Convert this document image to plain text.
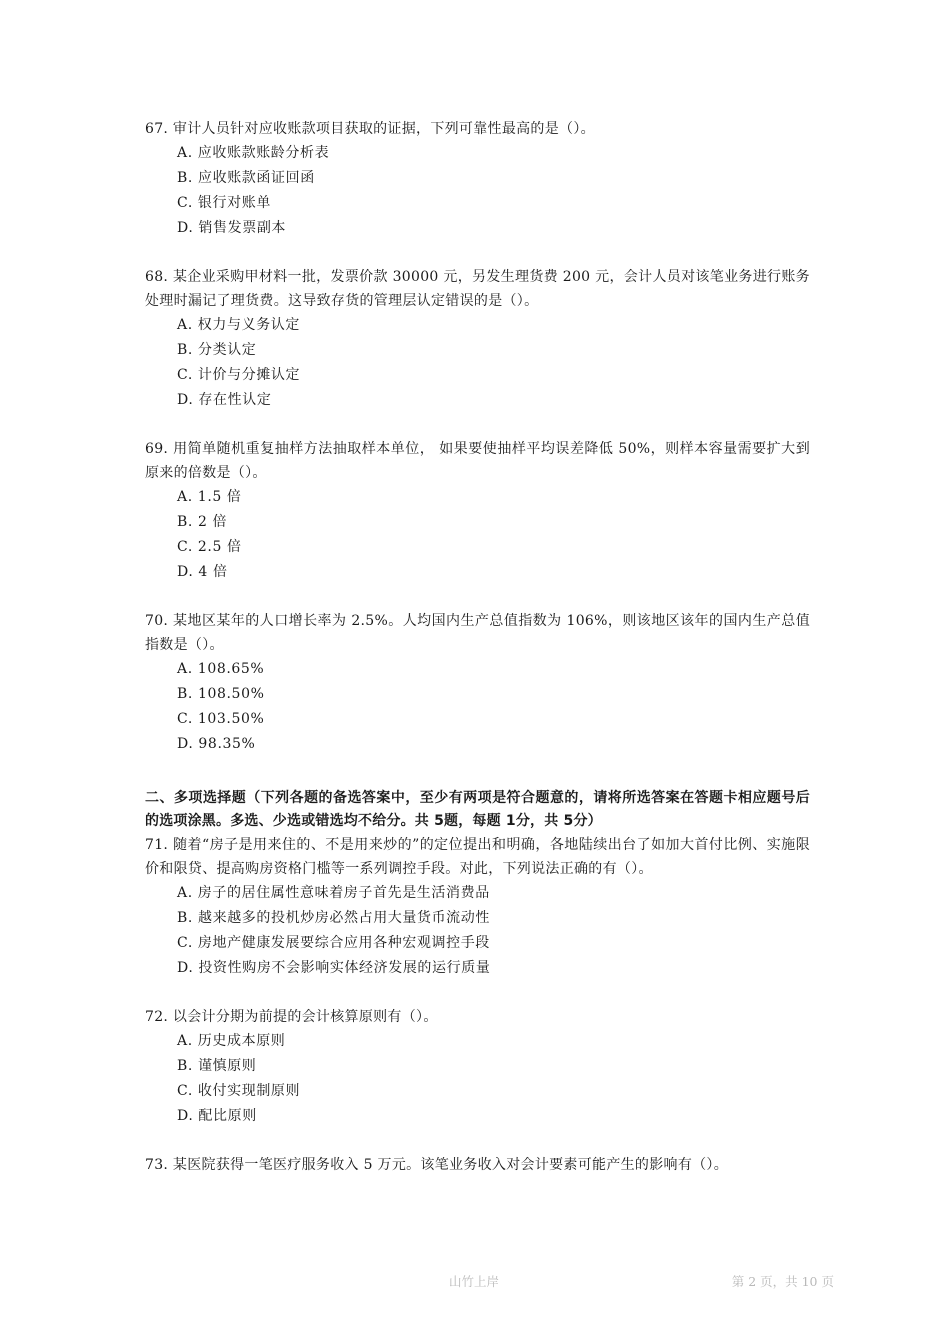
67. 审计人员针对应收账款项目获取的证据，下列可靠性最高的是（）。

A. 应收账款账龄分析表
B. 应收账款函证回函
C. 银行对账单
D. 销售发票副本

68. 某企业采购甲材料一批，发票价款 30000 元，另发生理货费 200 元，会计人员对该笔业务进行账务处理时漏记了理货费。这导致存货的管理层认定错误的是（）。

A. 权力与义务认定
B. 分类认定
C. 计价与分摊认定
D. 存在性认定

69. 用简单随机重复抽样方法抽取样本单位， 如果要使抽样平均误差降低 50%，则样本容量需要扩大到原来的倍数是（）。

A. 1.5 倍
B. 2 倍
C. 2.5 倍
D. 4 倍

70. 某地区某年的人口增长率为 2.5%。人均国内生产总值指数为 106%，则该地区该年的国内生产总值指数是（）。

A. 108.65%
B. 108.50%
C. 103.50%
D. 98.35%

二、多项选择题（下列各题的备选答案中，至少有两项是符合题意的，请将所选答案在答题卡相应题号后的选项涂黑。多选、少选或错选均不给分。共 5题，每题 1分，共 5分）

71. 随着“房子是用来住的、不是用来炒的”的定位提出和明确，各地陆续出台了如加大首付比例、实施限价和限贷、提高购房资格门槛等一系列调控手段。对此，下列说法正确的有（）。

A. 房子的居住属性意味着房子首先是生活消费品
B. 越来越多的投机炒房必然占用大量货币流动性
C. 房地产健康发展要综合应用各种宏观调控手段
D. 投资性购房不会影响实体经济发展的运行质量

72. 以会计分期为前提的会计核算原则有（）。

A. 历史成本原则
B. 谨慎原则
C. 收付实现制原则
D. 配比原则

73. 某医院获得一笔医疗服务收入 5 万元。该笔业务收入对会计要素可能产生的影响有（）。

山竹上岸	第 2 页，共 10 页
